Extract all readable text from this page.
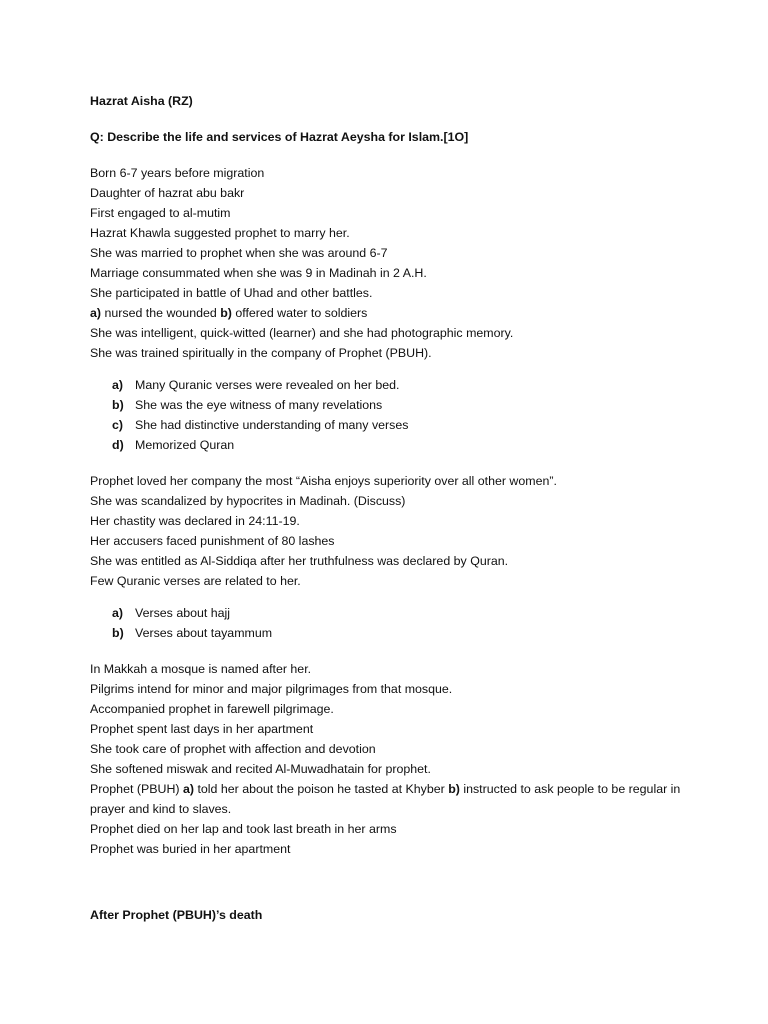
Hazrat Aisha (RZ)

Q: Describe the life and services of Hazrat Aeysha for Islam.[1O]

Born 6-7 years before migration
Daughter of hazrat abu bakr
First engaged to al-mutim
Hazrat Khawla suggested prophet to marry her.
She was married to prophet when she was around 6-7
Marriage consummated when she was 9 in Madinah in 2 A.H.
She participated in battle of Uhad and other battles.
a) nursed the wounded b) offered water to soldiers
She was intelligent, quick-witted (learner) and she had photographic memory.
She was trained spiritually in the company of Prophet (PBUH).
a) Many Quranic verses were revealed on her bed.
b) She was the eye witness of many revelations
c) She had distinctive understanding of many verses
d) Memorized Quran
Prophet loved her company the most “Aisha enjoys superiority over all other women”.
She was scandalized by hypocrites in Madinah. (Discuss)
Her chastity was declared in 24:11-19.
Her accusers faced punishment of 80 lashes
She was entitled as Al-Siddiqa after her truthfulness was declared by Quran.
Few Quranic verses are related to her.
a) Verses about hajj
b) Verses about tayammum
In Makkah a mosque is named after her.
Pilgrims intend for minor and major pilgrimages from that mosque.
Accompanied prophet in farewell pilgrimage.
Prophet spent last days in her apartment
She took care of prophet with affection and devotion
She softened miswak and recited Al-Muwadhatain for prophet.
Prophet (PBUH) a) told her about the poison he tasted at Khyber b) instructed to ask people to be regular in prayer and kind to slaves.
Prophet died on her lap and took last breath in her arms
Prophet was buried in her apartment

After Prophet (PBUH)’s death
